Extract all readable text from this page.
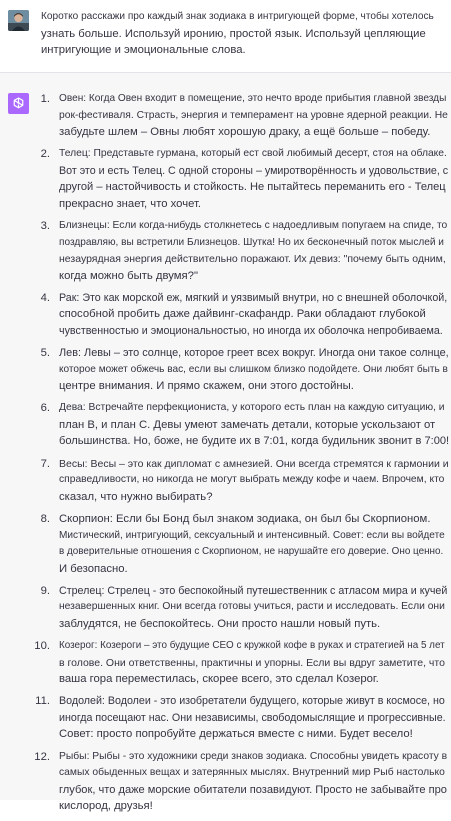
Коротко расскажи про каждый знак зодиака в интригующей форме, чтобы хотелось
узнать больше. Используй иронию, простой язык. Используй цепляющие
интригующие и эмоциональные слова.
1. Овен: Когда Овен входит в помещение, это нечто вроде прибытия главной звезды
рок-фестиваля. Страсть, энергия и темперамент на уровне ядерной реакции. Не
забудьте шлем – Овны любят хорошую драку, а ещё больше – победу.
2. Телец: Представьте гурмана, который ест свой любимый десерт, стоя на облаке.
Вот это и есть Телец. С одной стороны – умиротворённость и удовольствие, с
другой – настойчивость и стойкость. Не пытайтесь переманить его - Телец
прекрасно знает, что хочет.
3. Близнецы: Если когда-нибудь столкнетесь с надоедливым попугаем на спиде, то
поздравляю, вы встретили Близнецов. Шутка! Но их бесконечный поток мыслей и
незаурядная энергия действительно поражают. Их девиз: "почему быть одним,
когда можно быть двумя?"
4. Рак: Это как морской еж, мягкий и уязвимый внутри, но с внешней оболочкой,
способной пробить даже дайвинг-скафандр. Раки обладают глубокой
чувственностью и эмоциональностью, но иногда их оболочка непробиваема.
5. Лев: Левы – это солнце, которое греет всех вокруг. Иногда они такое солнце,
которое может обжечь вас, если вы слишком близко подойдете. Они любят быть в
центре внимания. И прямо скажем, они этого достойны.
6. Дева: Встречайте перфекциониста, у которого есть план на каждую ситуацию, и
план B, и план C. Девы умеют замечать детали, которые ускользают от
большинства. Но, боже, не будите их в 7:01, когда будильник звонит в 7:00!
7. Весы: Весы – это как дипломат с амнезией. Они всегда стремятся к гармонии и
справедливости, но никогда не могут выбрать между кофе и чаем. Впрочем, кто
сказал, что нужно выбирать?
8. Скорпион: Если бы Бонд был знаком зодиака, он был бы Скорпионом.
Мистический, интригующий, сексуальный и интенсивный. Совет: если вы войдете
в доверительные отношения с Скорпионом, не нарушайте его доверие. Оно ценно.
И безопасно.
9. Стрелец: Стрелец - это беспокойный путешественник с атласом мира и кучей
незавершенных книг. Они всегда готовы учиться, расти и исследовать. Если они
заблудятся, не беспокойтесь. Они просто нашли новый путь.
10. Козерог: Козероги – это будущие CEO с кружкой кофе в руках и стратегией на 5 лет
в голове. Они ответственны, практичны и упорны. Если вы вдруг заметите, что
ваша гора переместилась, скорее всего, это сделал Козерог.
11. Водолей: Водолеи - это изобретатели будущего, которые живут в космосе, но
иногда посещают нас. Они независимы, свободомыслящие и прогрессивные.
Совет: просто попробуйте держаться вместе с ними. Будет весело!
12. Рыбы: Рыбы - это художники среди знаков зодиака. Способны увидеть красоту в
самых обыденных вещах и затерянных мыслях. Внутренний мир Рыб настолько
глубок, что даже морские обитатели позавидуют. Просто не забывайте про
кислород, друзья!
